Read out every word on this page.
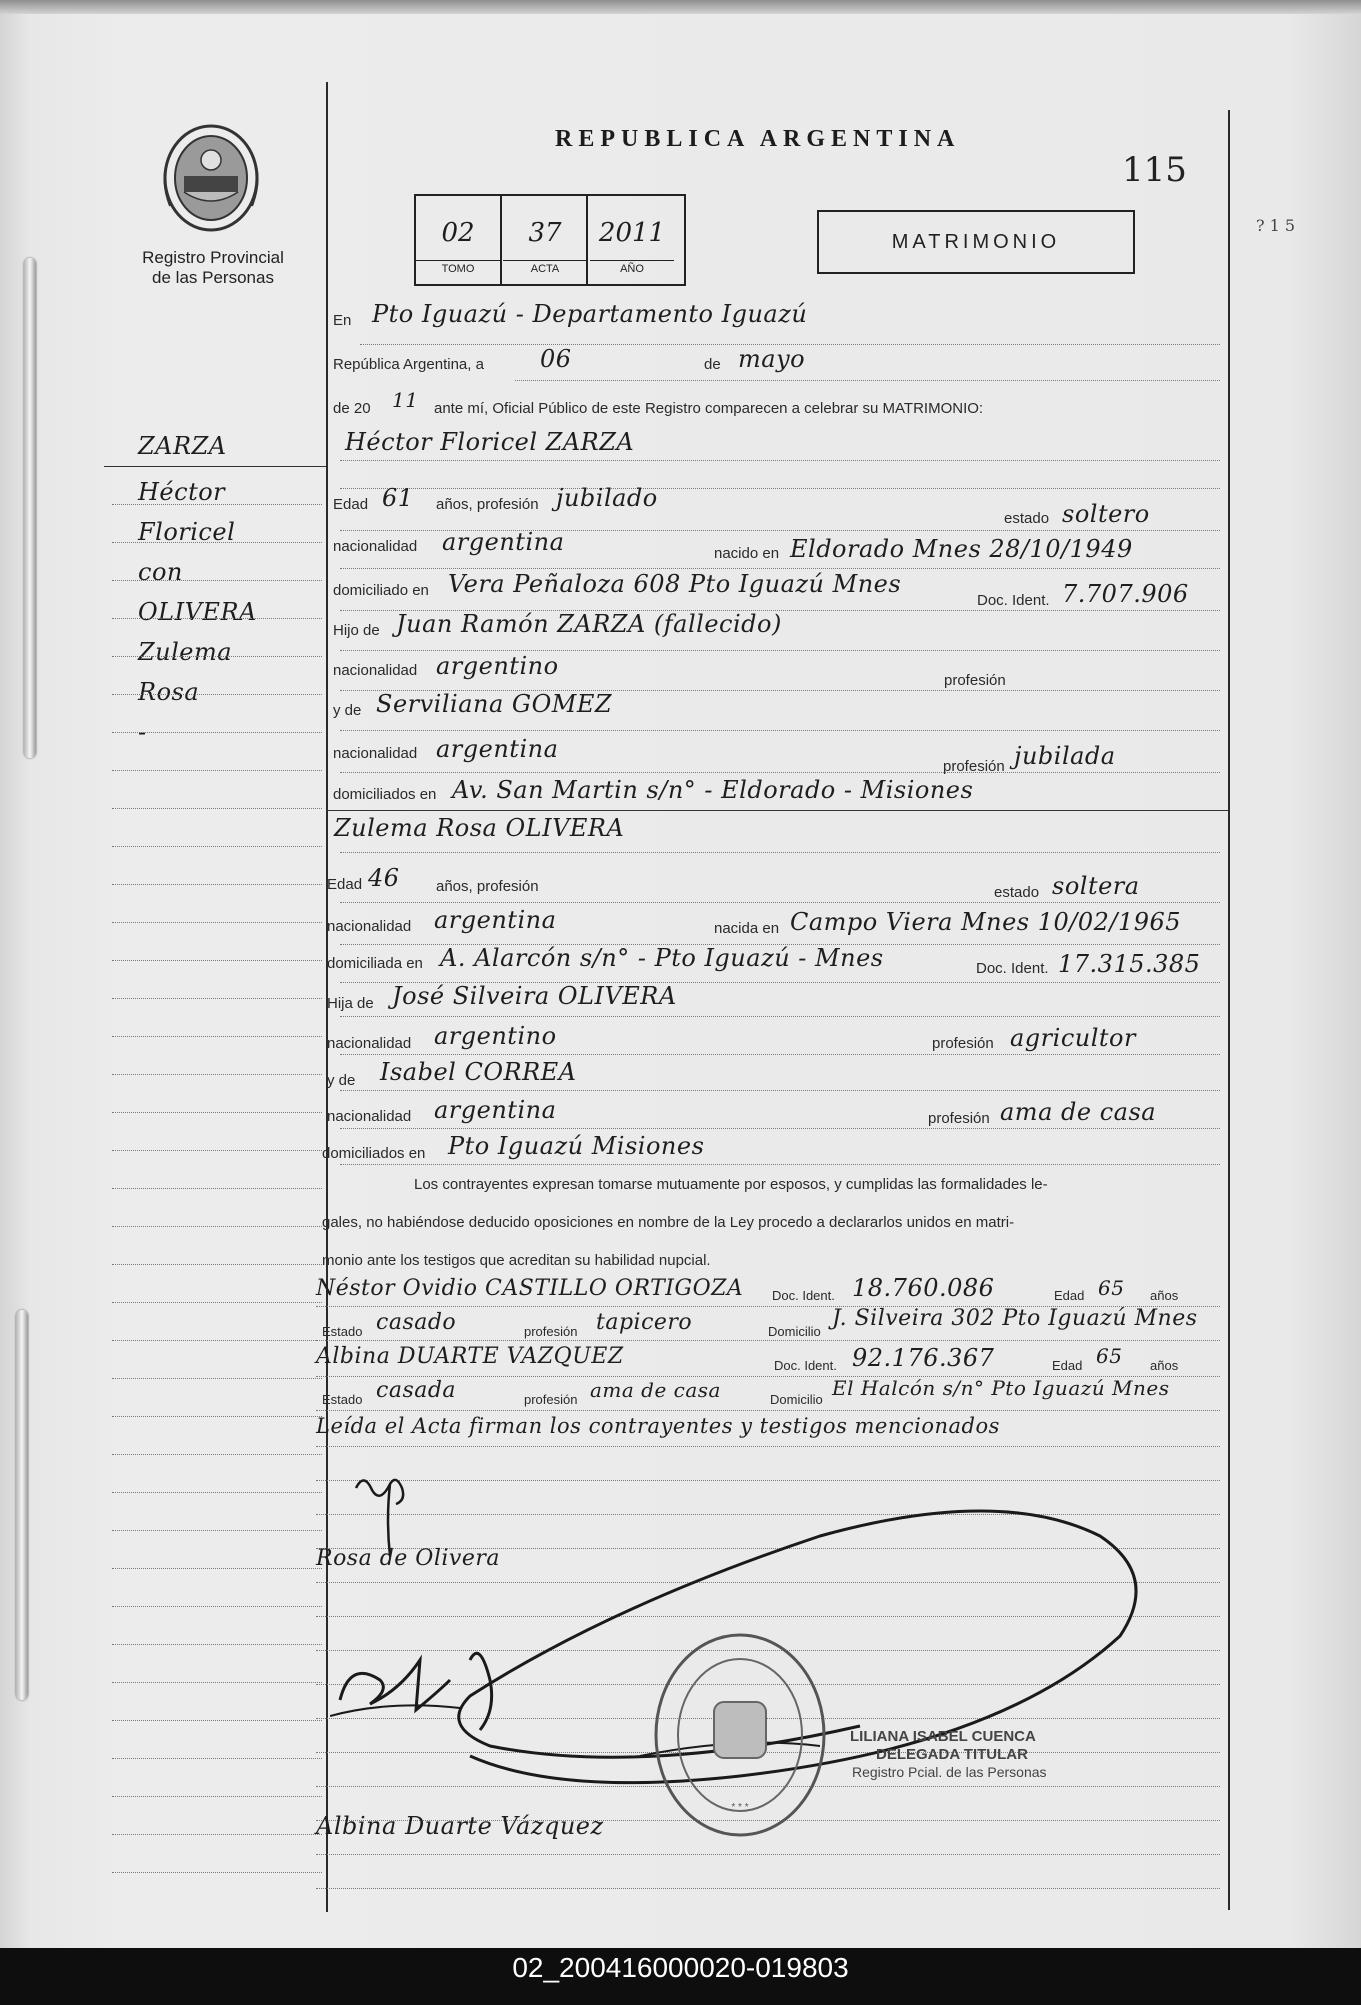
Registro Provincial
de las Personas
REPUBLICA ARGENTINA
115
? 1 5
02	37	2011
TOMO	ACTA	AÑO
MATRIMONIO
ZARZA
Héctor
Floricel
con
OLIVERA
Zulema
Rosa
-
En Pto Iguazú - Departamento Iguazú
República Argentina, a 06	de mayo
de 20 11 ante mí, Oficial Público de este Registro comparecen a celebrar su MATRIMONIO:
Héctor Floricel ZARZA
Edad 61 años, profesión jubilado
estado soltero
nacionalidad argentina	nacido en Eldorado Mnes 28/10/1949
domiciliado en Vera Peñaloza 608 Pto Iguazú Mnes
Doc. Ident. 7.707.906
Hijo de Juan Ramón ZARZA (fallecido)
nacionalidad argentino
profesión
y de Serviliana GOMEZ
nacionalidad argentina
profesión jubilada
domiciliados en Av. San Martin s/n° - Eldorado - Misiones
Zulema Rosa OLIVERA
Edad 46 años, profesión	estado soltera
nacionalidad argentina	nacida en Campo Viera Mnes 10/02/1965
domiciliada en A. Alarcón s/n° - Pto Iguazú - Mnes	Doc. Ident. 17.315.385
Hija de José Silveira OLIVERA
nacionalidad argentino	profesión agricultor
y de Isabel CORREA
nacionalidad argentina	profesión ama de casa
domiciliados en Pto Iguazú Misiones
Los contrayentes expresan tomarse mutuamente por esposos, y cumplidas las formalidades le-
gales, no habiéndose deducido oposiciones en nombre de la Ley procedo a declararlos unidos en matri-
monio ante los testigos que acreditan su habilidad nupcial.
Néstor Ovidio CASTILLO ORTIGOZA Doc. Ident. 18.760.086	Edad 65 años
Estado casado	profesión tapicero	Domicilio
J. Silveira 302 Pto Iguazú Mnes
Albina DUARTE VAZQUEZ	Doc. Ident. 92.176.367	Edad 65 años
Estado casada	profesión ama de casa	Domicilio El Halcón s/n° Pto Iguazú Mnes
Leída el Acta firman los contrayentes y testigos mencionados
Rosa de Olivera
* * *
LILIANA ISABEL CUENCA
DELEGADA TITULAR
Registro Pcial. de las Personas
Albina Duarte Vázquez
02_200416000020-019803
